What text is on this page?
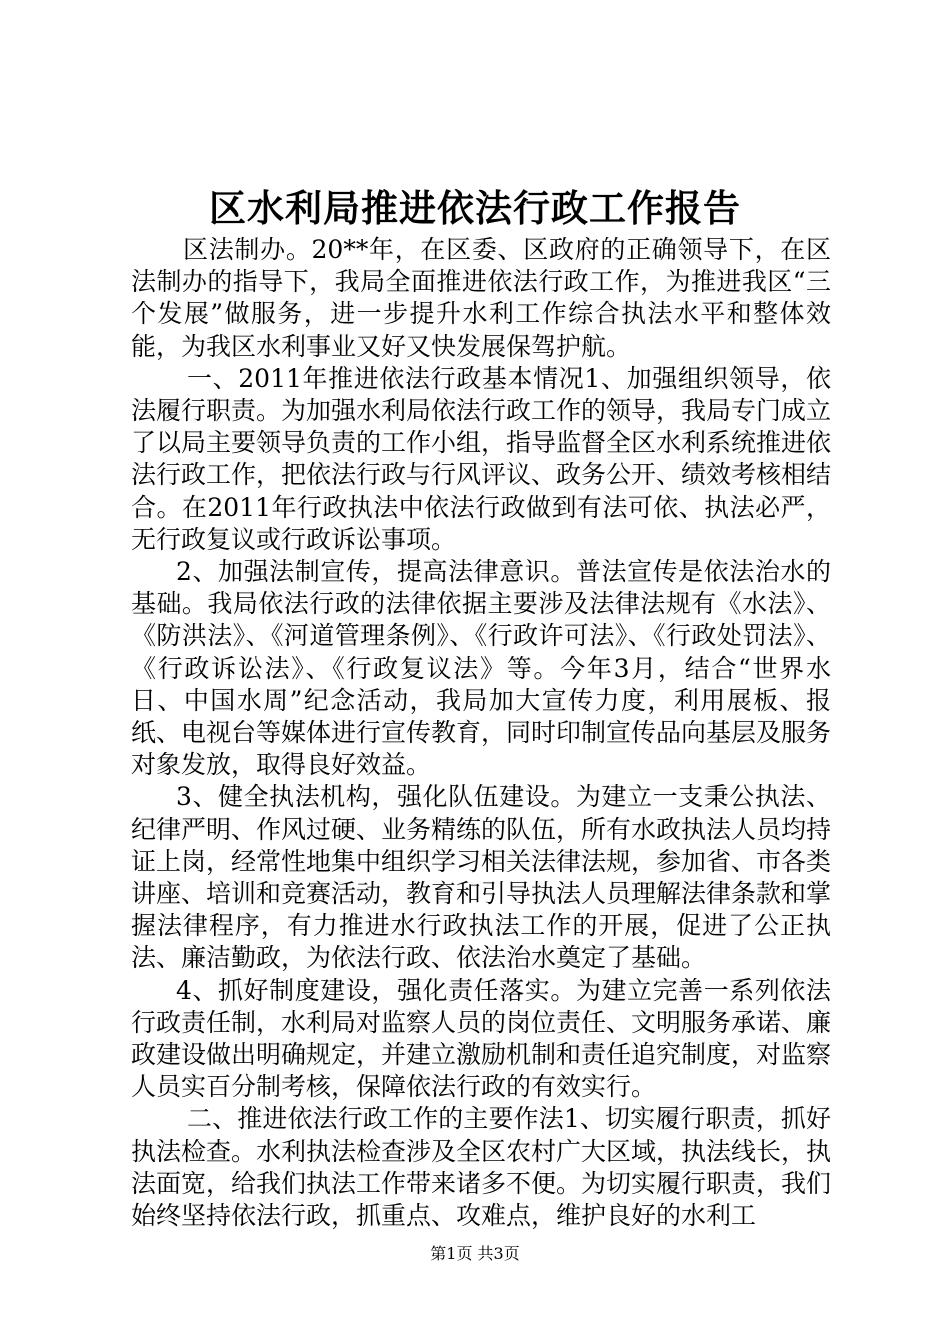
区水利局推进依法行政工作报告

区法制办。20**年，在区委、区政府的正确领导下，在区法制办的指导下，我局全面推进依法行政工作，为推进我区“三个发展”做服务，进一步提升水利工作综合执法水平和整体效能，为我区水利事业又好又快发展保驾护航。

一、2011年推进依法行政基本情况1、加强组织领导，依法履行职责。为加强水利局依法行政工作的领导，我局专门成立了以局主要领导负责的工作小组，指导监督全区水利系统推进依法行政工作，把依法行政与行风评议、政务公开、绩效考核相结合。在2011年行政执法中依法行政做到有法可依、执法必严，无行政复议或行政诉讼事项。

2、加强法制宣传，提高法律意识。普法宣传是依法治水的基础。我局依法行政的法律依据主要涉及法律法规有《水法》、《防洪法》、《河道管理条例》、《行政许可法》、《行政处罚法》、《行政诉讼法》、《行政复议法》等。今年3月，结合“世界水日、中国水周”纪念活动，我局加大宣传力度，利用展板、报纸、电视台等媒体进行宣传教育，同时印制宣传品向基层及服务对象发放，取得良好效益。

3、健全执法机构，强化队伍建设。为建立一支秉公执法、纪律严明、作风过硬、业务精练的队伍，所有水政执法人员均持证上岗，经常性地集中组织学习相关法律法规，参加省、市各类讲座、培训和竞赛活动，教育和引导执法人员理解法律条款和掌握法律程序，有力推进水行政执法工作的开展，促进了公正执法、廉洁勤政，为依法行政、依法治水奠定了基础。

4、抓好制度建设，强化责任落实。为建立完善一系列依法行政责任制，水利局对监察人员的岗位责任、文明服务承诺、廉政建设做出明确规定，并建立激励机制和责任追究制度，对监察人员实百分制考核，保障依法行政的有效实行。

二、推进依法行政工作的主要作法1、切实履行职责，抓好执法检查。水利执法检查涉及全区农村广大区域，执法线长，执法面宽，给我们执法工作带来诸多不便。为切实履行职责，我们始终坚持依法行政，抓重点、攻难点，维护良好的水利工

第1页 共3页
